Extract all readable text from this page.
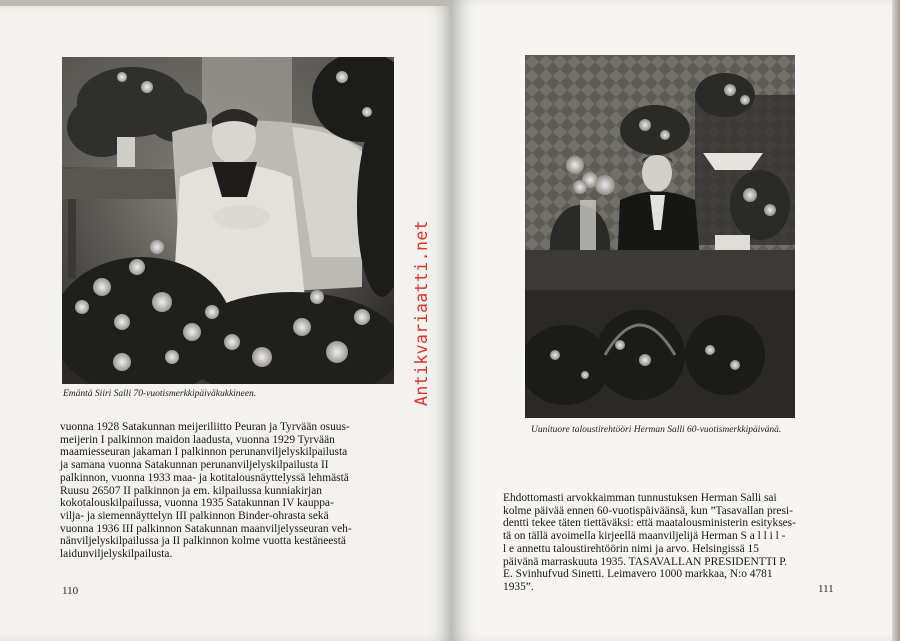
Emäntä Siiri Salli 70-vuotismerkkipäiväkukkineen.
vuonna 1928 Satakunnan meijeriliitto Peuran ja Tyrvään osuus-
meijerin I palkinnon maidon laadusta, vuonna 1929 Tyrvään
maamiesseuran jakaman I palkinnon perunanviljelyskilpailusta
ja samana vuonna Satakunnan perunanviljelyskilpailusta II
palkinnon, vuonna 1933 maa- ja kotitalousnäyttelyssä lehmästä
Ruusu 26507 II palkinnon ja em. kilpailussa kunniakirjan
kokotalouskilpailussa, vuonna 1935 Satakunnan IV kauppa-
vilja- ja siemennäyttelyn III palkinnon Binder-ohrasta sekä
vuonna 1936 III palkinnon Satakunnan maanviljelysseuran veh-
nänviljelyskilpailussa ja II palkinnon kolme vuotta kestäneestä
laidunviljelyskilpailusta.
110
Antikvariaatti.net
Uunituore taloustirehtööri Herman Salli 60-vuotismerkkipäivänä.
Ehdottomasti arvokkaimman tunnustuksen Herman Salli sai
kolme päivää ennen 60-vuotispäiväänsä, kun ”Tasavallan presi-
dentti tekee täten tiettäväksi: että maatalousministerin esitykses-
tä on tällä avoimella kirjeellä maanviljelijä Herman S a l l i l -
l e annettu taloustirehtöörin nimi ja arvo. Helsingissä 15
päivänä marraskuuta 1935. TASAVALLAN PRESIDENTTI P.
E. Svinhufvud Sinetti. Leimavero 1000 markkaa, N:o 4781
1935”.	111
